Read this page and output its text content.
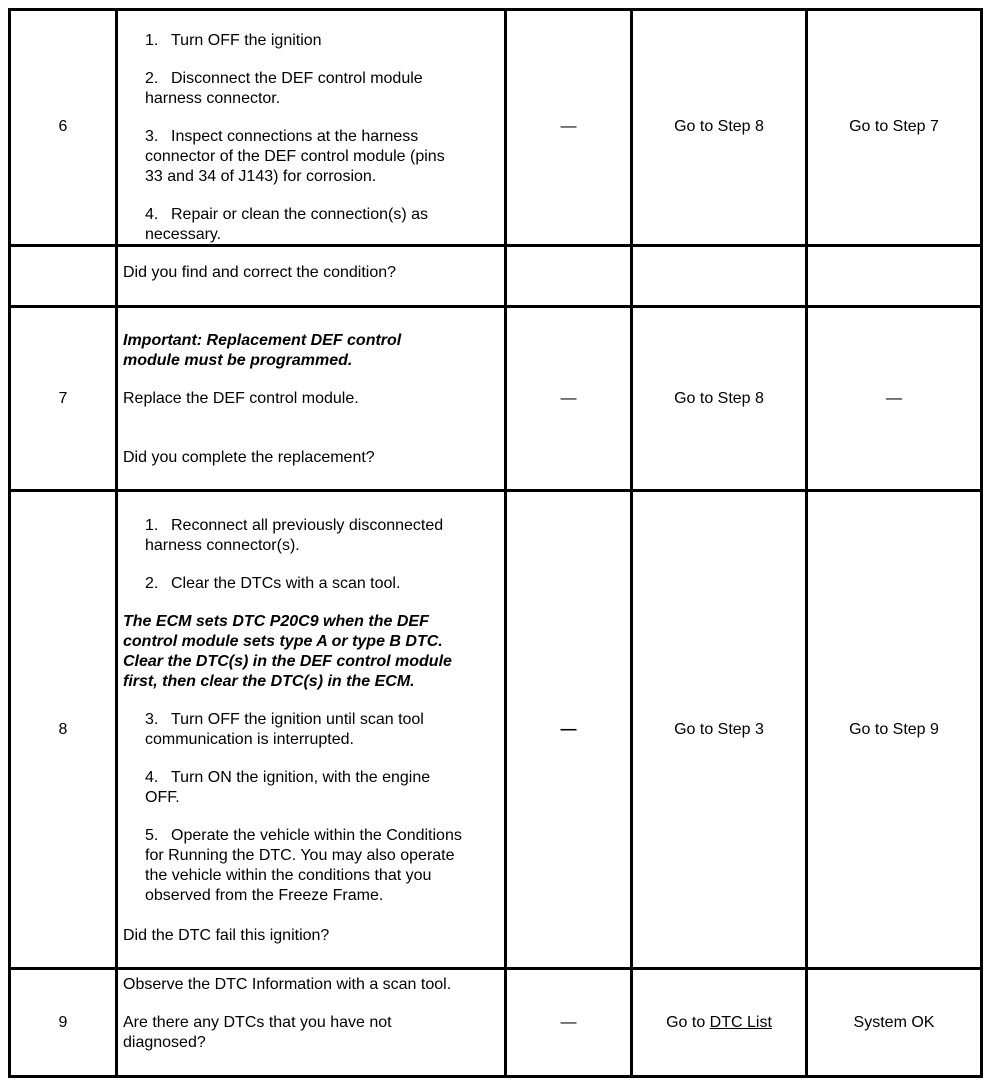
6
1. Turn OFF the ignition
2. Disconnect the DEF control module
harness connector.
3. Inspect connections at the harness
connector of the DEF control module (pins
33 and 34 of J143) for corrosion.
4. Repair or clean the connection(s) as
necessary.
Did you find and correct the condition?
—	Go to Step 8	Go to Step 7
7
Important: Replacement DEF control
module must be programmed.
Replace the DEF control module.
Did you complete the replacement?
—	Go to Step 8	—
8
1. Reconnect all previously disconnected
harness connector(s).
2. Clear the DTCs with a scan tool.
The ECM sets DTC P20C9 when the DEF
control module sets type A or type B DTC.
Clear the DTC(s) in the DEF control module
first, then clear the DTC(s) in the ECM.
3. Turn OFF the ignition until scan tool
communication is interrupted.
4. Turn ON the ignition, with the engine
OFF.
5. Operate the vehicle within the Conditions
for Running the DTC. You may also operate
the vehicle within the conditions that you
observed from the Freeze Frame.
Did the DTC fail this ignition?
—	Go to Step 3	Go to Step 9
9
Observe the DTC Information with a scan tool.
Are there any DTCs that you have not
diagnosed?
—	Go to DTC List	System OK
